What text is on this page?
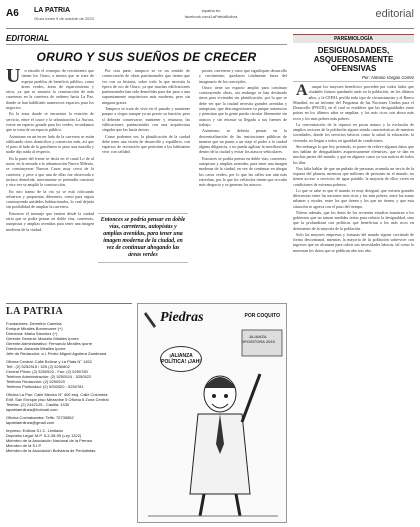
A6 LA PATRIA
Oruro lunes 9 de octubre de 2023
lapatria.bo
facebook.com/LaPatriaBolivia	editorial
EDITORIAL
ORURO Y SUS SUEÑOS DE CRECER
U n estudio el concepto de crecimiento que tienen los Oruro, a menos que se trate de espejar pueblos de beneficio público, como áreas verdes, áreas de esparcimiento y otros, ya que se anuncia la construcción de más carreteras en la carretera de ordenes hacia La Paz, donde se han habilitado numerosos espacios para los negocios.

En la zona donde se encuentra la estación de servicio, entre el cauce y la urbanización La Aurora, existe un espacio grande para los verdes, recordamos que se trata de un espacio público.

Asimismo en un tercer lado de la carretera se están edificando otros domicilios y comercios más, así que el paso al lado de la gasolinera se puso una muralla y nadie dijo nada al respecto.

En la parte del frente se decía en el canal Lo de al norte, en la entrada a la urbanización Nuevo Milenio, se construyeron Nuevas Casas muy cerca de la carretera, y pese a que una de ellas fue observada e incluso demolida, nuevamente se pretendía construir y otra vez se amplió la construcción.

En otro tramo de la vía ya se está colocando refuerzos y propuestas diferentes, como para seguir construyendo unidades habitacionales, lo cual dejaría sin posibilidad de ampliar la carretera.

Entonces el mensaje que emiten desde la ciudad sería que se podía pensar en doble vías, carreteras, autopistas y amplias avenidas para tener una imagen moderna de la ciudad.

Por otra parte, tampoco se ve un sentido de conservación de obras patrimoniales que tienen que ver con su historia, sobre todo la que necesita la época de oro de Oruro, ya que muchas edificaciones patrimoniales han sido demolidas para dar paso a una supuestamente arquitectura más moderna, pero sin ninguna gracia.

Tampoco se trata de vivir en el pasado y mantener parque a ciegas aunque ya no preste su función, pero sí deberán conservarse, mantener y restaurar, las edificaciones patrimoniales con una arquitectura singular que las hacía únicas.

Como podemos ver, la planificación de la ciudad debe tener una visión de desarrollo y equilibrio, con espacios de recreación que permitan a los habitantes vivir con calidad.

postes, carreteras y otros que signifiquen desarrollo y crecimiento, quedaron totalmente fuera del imaginario de los concejales.

Oruro tiene un espacio amplio para continuar construyendo obras, sin embargo se han destinado áreas para viviendas sin planificación, por lo que se debe ver que la ciudad necesita grandes avenidas y autopistas, que descongestionen su parque automotor y permitan que la gente pueda circular libremente sin atascos y sin retrasar su llegada a sus fuentes de trabajo.

Asimismo, se debería pensar en la descentralización de las instituciones públicas de manera que no pasen a un viaje al poder a la ciudad alguna diligencia, y no pueda agilizar la movilización dentro de la ciudad y evitar los atascos vehiculares.

Entonces se podría pensar en doble vías, carreteras, autopistas y amplias avenidas, para tener una imagen moderna de la ciudad, en vez de continuar en ahogar los casos verdes, por lo que las calles son aún más estrechas, por lo que los vehículos tienen que circular más despacio y se generan los atascos.

Entonces se podría pensar en doble vías, carreteras, autopistas y amplias avenidas, para tener una imagen moderna de la ciudad, en vez de continuar ahogando las áreas verdes
PAREMIOLOGÍA
DESIGUALDADES, ASQUEROSAMENTE OFENSIVAS
Por: Antonio Vargas Cortez

Aunque los mayores beneficios proceden por todos lados que ciudades fuimos quedando atrás en la población, en los últimos años, y la CEPAL perfila todo tipo de circunstancias y el Banco Mundial, en un informe del Programa de las Naciones Unidas para el Desarrollo (PNUD), en el cual se establece que las desigualdades entre países en los últimos años se amplían, y los más ricos son ahora más ricos y los más pobres más pobres.

La concentración de la riqueza en pocas manos y la exclusión de amplios sectores de la población siguen siendo características de nuestras sociedades, donde los servicios básicos como la salud, la educación, la vivienda, no llegan a todos en igualdad de condiciones.

Sin embargo lo que hoy pretendo, es poner de relieve algunos datos que nos hablan de desigualdades asquerosamente ofensivas, que se dan en muchas partes del mundo, y que en algunos casos ya son noticia de todos los días.

Nos falta hablar de que un puñado de personas acumula un tercio de la riqueza del planeta, mientras que millones de personas en el mundo, no tienen acceso a servicios de agua potable, la mayoría de ellos viven en condiciones de extrema pobreza.

Lo que se sabe es que el mundo es muy desigual, que existen grandes diferencias entre las naciones más ricas y las más pobres, entre las zonas urbanas y rurales, entre los que tienen y los que no tienen, y que esta situación se agrava con el paso del tiempo.

Nótese además, que los datos de los recientes estudios muestran a los gobiernos que no toman medidas serias para reducir la desigualdad, sino que la profundizan con políticas que benefician a los más ricos en detrimento de la mayoría de la población.

Solo las mayores empresas y fortunas del mundo siguen creciendo de forma descomunal, mientras la mayoría de la población sobrevive con ingresos que no alcanzan para cubrir sus necesidades básicas, tal como lo muestran los datos que se publican año tras año.

LA PATRIA
Fundadores: Demetrio Canelas
Enrique Miralles Bonnecarre (+)
Directora: Marta Sánchez (+)
Gerente General: Marcelo Miralles Iporre
Gerente Administrativo: Fernando Miralles Iporre
Directora: Amanda Miralles Iporre
Jefe de Redacción: a.i. Pedro Miguel Aguilera Zambrana
Oficina Central: Calle Bolívar y La Plata N° 1452
Telf.: (2) 5252515 / 525 (2) 5250802
Central Piloto: (2) 5250520 - Fax: (2) 5250780
Teléfono Administración: (2) 5250524 - 5250522
Teléfono Redacción: (2) 5250520
Teléfono Publicidad: (2) 5250520 - 5250781
Oficina La Paz: Calle Mexico N° 400 esq. Calle Colombia
Edif. San Enrique piso Mezanine 5 Oficina 6 Zona Central
Telefax: (2) 2442125 - Casilla: 1430
lapatriaenlinea@hotmail.com
Oficina Cochabamba: Telfs: 70735852
lapatriaenlinea@gmail.com
Impreso: Editora S.I.C. Limitada
Depósito Legal: M.P. 5-3-38-95 (Ley 1322)
Miembro de la Asociación Nacional de la Prensa
Miembro de la S.I.P.
Miembro de la Asociación Boliviana de Periodistas
Piedras	POR COQUITO
¡ALIANZA POLÍTICA! ¡JAH!
ALIANZA OPOSITORA 2023
